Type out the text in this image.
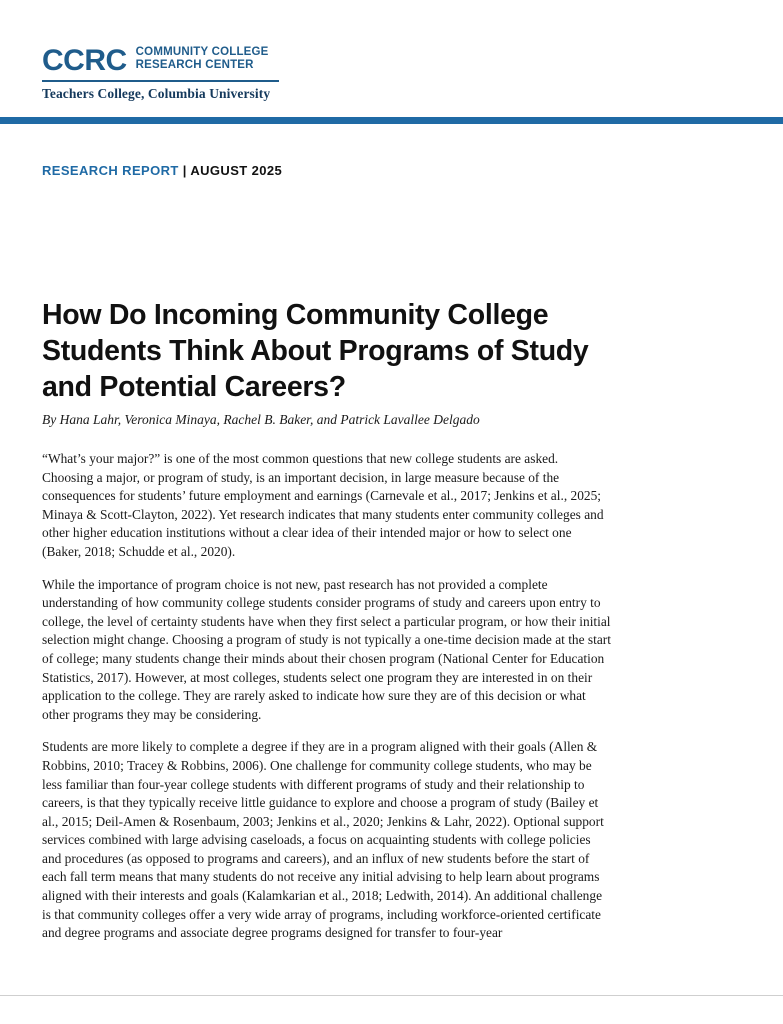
CCRC COMMUNITY COLLEGE
RESEARCH CENTER
Teachers College, Columbia University
RESEARCH REPORT | AUGUST 2025
How Do Incoming Community College Students Think About Programs of Study and Potential Careers?
By Hana Lahr, Veronica Minaya, Rachel B. Baker, and Patrick Lavallee Delgado

“What’s your major?” is one of the most common questions that new college students are asked. Choosing a major, or program of study, is an important decision, in large measure because of the consequences for students’ future employment and earnings (Carnevale et al., 2017; Jenkins et al., 2025; Minaya & Scott-Clayton, 2022). Yet research indicates that many students enter community colleges and other higher education institutions without a clear idea of their intended major or how to select one (Baker, 2018; Schudde et al., 2020).

While the importance of program choice is not new, past research has not provided a complete understanding of how community college students consider programs of study and careers upon entry to college, the level of certainty students have when they first select a particular program, or how their initial selection might change. Choosing a program of study is not typically a one-time decision made at the start of college; many students change their minds about their chosen program (National Center for Education Statistics, 2017). However, at most colleges, students select one program they are interested in on their application to the college. They are rarely asked to indicate how sure they are of this decision or what other programs they may be considering.

Students are more likely to complete a degree if they are in a program aligned with their goals (Allen & Robbins, 2010; Tracey & Robbins, 2006). One challenge for community college students, who may be less familiar than four-year college students with different programs of study and their relationship to careers, is that they typically receive little guidance to explore and choose a program of study (Bailey et al., 2015; Deil-Amen & Rosenbaum, 2003; Jenkins et al., 2020; Jenkins & Lahr, 2022). Optional support services combined with large advising caseloads, a focus on acquainting students with college policies and procedures (as opposed to programs and careers), and an influx of new students before the start of each fall term means that many students do not receive any initial advising to help learn about programs aligned with their interests and goals (Kalamkarian et al., 2018; Ledwith, 2014). An additional challenge is that community colleges offer a very wide array of programs, including workforce-oriented certificate and degree programs and associate degree programs designed for transfer to four-year
